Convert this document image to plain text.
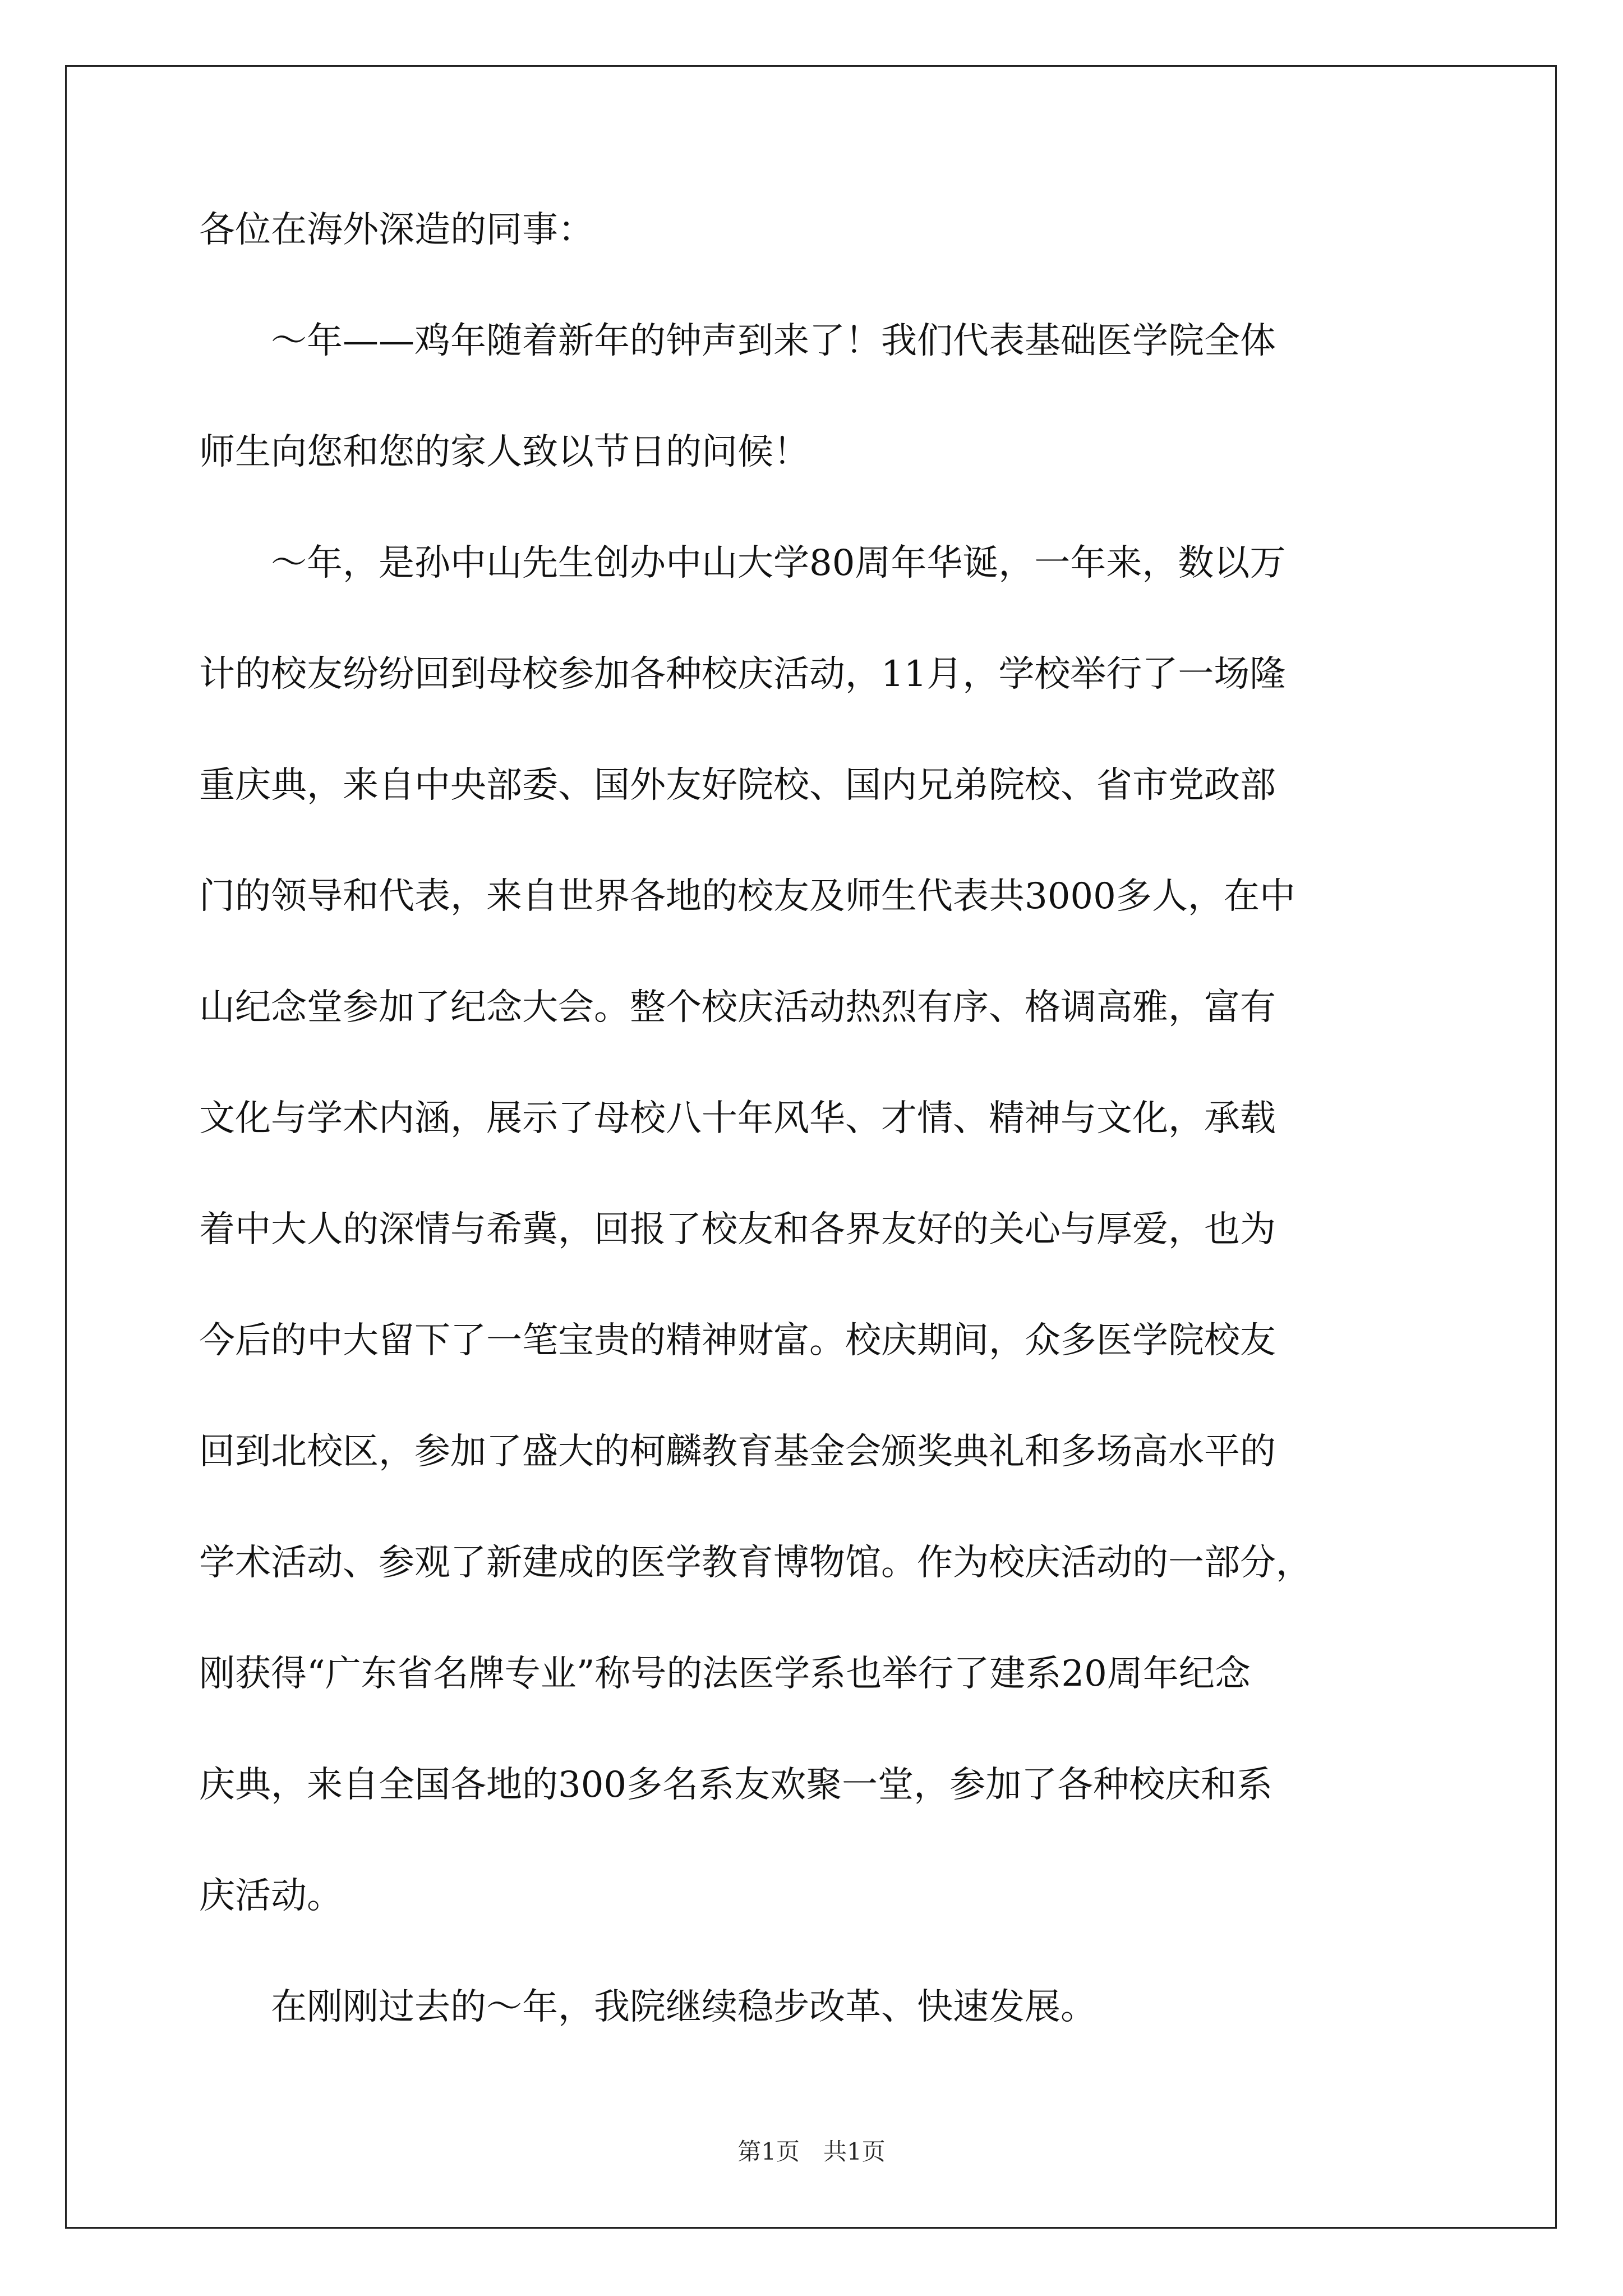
各位在海外深造的同事：
　　～年——鸡年随着新年的钟声到来了！我们代表基础医学院全体
师生向您和您的家人致以节日的问候！
　　～年，是孙中山先生创办中山大学80周年华诞，一年来，数以万
计的校友纷纷回到母校参加各种校庆活动，11月，学校举行了一场隆
重庆典，来自中央部委、国外友好院校、国内兄弟院校、省市党政部
门的领导和代表，来自世界各地的校友及师生代表共3000多人，在中
山纪念堂参加了纪念大会。整个校庆活动热烈有序、格调高雅，富有
文化与学术内涵，展示了母校八十年风华、才情、精神与文化，承载
着中大人的深情与希冀，回报了校友和各界友好的关心与厚爱，也为
今后的中大留下了一笔宝贵的精神财富。校庆期间，众多医学院校友
回到北校区，参加了盛大的柯麟教育基金会颁奖典礼和多场高水平的
学术活动、参观了新建成的医学教育博物馆。作为校庆活动的一部分，
刚获得“广东省名牌专业”称号的法医学系也举行了建系20周年纪念
庆典，来自全国各地的300多名系友欢聚一堂，参加了各种校庆和系
庆活动。
　　在刚刚过去的～年，我院继续稳步改革、快速发展。
第1页　共1页
